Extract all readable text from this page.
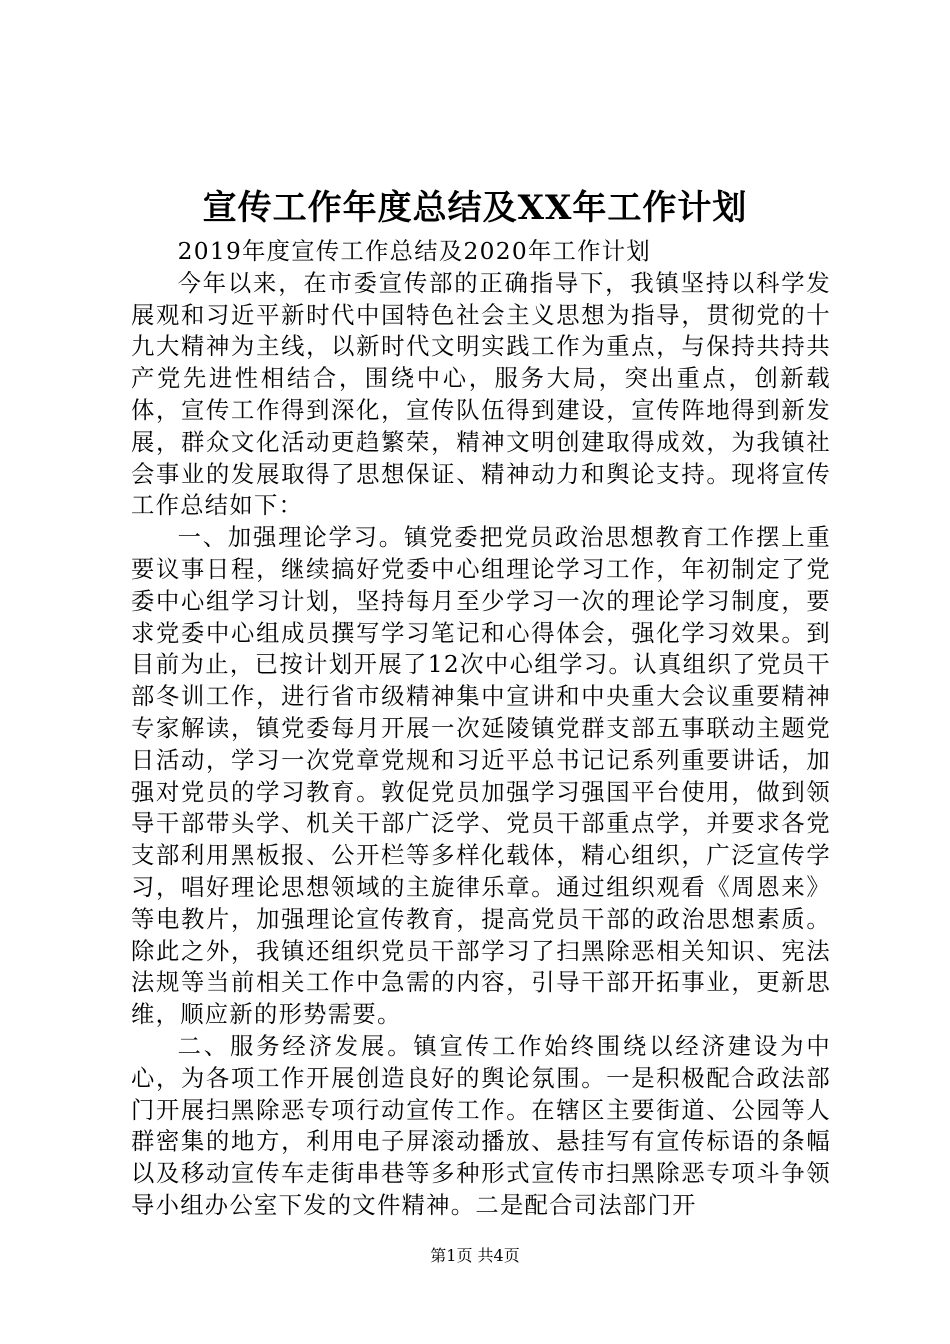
宣传工作年度总结及XX年工作计划

2019年度宣传工作总结及2020年工作计划

今年以来，在市委宣传部的正确指导下，我镇坚持以科学发展观和习近平新时代中国特色社会主义思想为指导，贯彻党的十九大精神为主线，以新时代文明实践工作为重点，与保持共持共产党先进性相结合，围绕中心，服务大局，突出重点，创新载体，宣传工作得到深化，宣传队伍得到建设，宣传阵地得到新发展，群众文化活动更趋繁荣，精神文明创建取得成效，为我镇社会事业的发展取得了思想保证、精神动力和舆论支持。现将宣传工作总结如下：

一、加强理论学习。镇党委把党员政治思想教育工作摆上重要议事日程，继续搞好党委中心组理论学习工作，年初制定了党委中心组学习计划，坚持每月至少学习一次的理论学习制度，要求党委中心组成员撰写学习笔记和心得体会，强化学习效果。到目前为止，已按计划开展了12次中心组学习。认真组织了党员干部冬训工作，进行省市级精神集中宣讲和中央重大会议重要精神专家解读，镇党委每月开展一次延陵镇党群支部五事联动主题党日活动，学习一次党章党规和习近平总书记记系列重要讲话，加强对党员的学习教育。敦促党员加强学习强国平台使用，做到领导干部带头学、机关干部广泛学、党员干部重点学，并要求各党支部利用黑板报、公开栏等多样化载体，精心组织，广泛宣传学习，唱好理论思想领域的主旋律乐章。通过组织观看《周恩来》等电教片，加强理论宣传教育，提高党员干部的政治思想素质。除此之外，我镇还组织党员干部学习了扫黑除恶相关知识、宪法法规等当前相关工作中急需的内容，引导干部开拓事业，更新思维，顺应新的形势需要。

二、服务经济发展。镇宣传工作始终围绕以经济建设为中心，为各项工作开展创造良好的舆论氛围。一是积极配合政法部门开展扫黑除恶专项行动宣传工作。在辖区主要街道、公园等人群密集的地方，利用电子屏滚动播放、悬挂写有宣传标语的条幅以及移动宣传车走街串巷等多种形式宣传市扫黑除恶专项斗争领导小组办公室下发的文件精神。二是配合司法部门开

第1页 共4页
